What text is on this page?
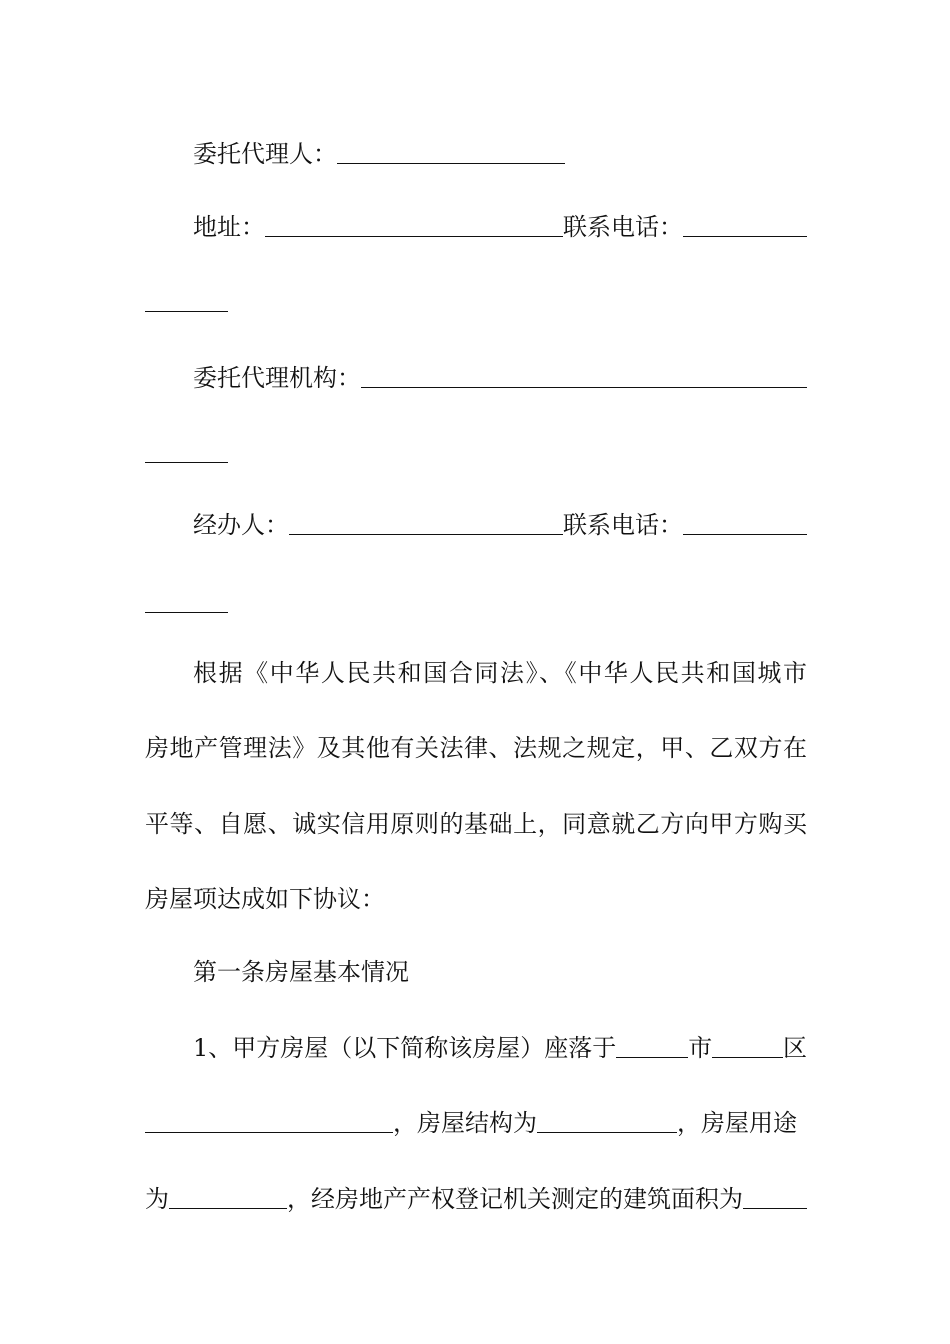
委托代理人：
地址：	联系电话：
委托代理机构：
经办人：	联系电话：
根据《中华人民共和国合同法》、《中华人民共和国城市
房地产管理法》及其他有关法律、法规之规定，甲、乙双方在
平等、自愿、诚实信用原则的基础上，同意就乙方向甲方购买
房屋项达成如下协议：
第一条房屋基本情况
1、甲方房屋（以下简称该房屋）座落于	市	区
，房屋结构为	，房屋用途
为	，经房地产产权登记机关测定的建筑面积为
